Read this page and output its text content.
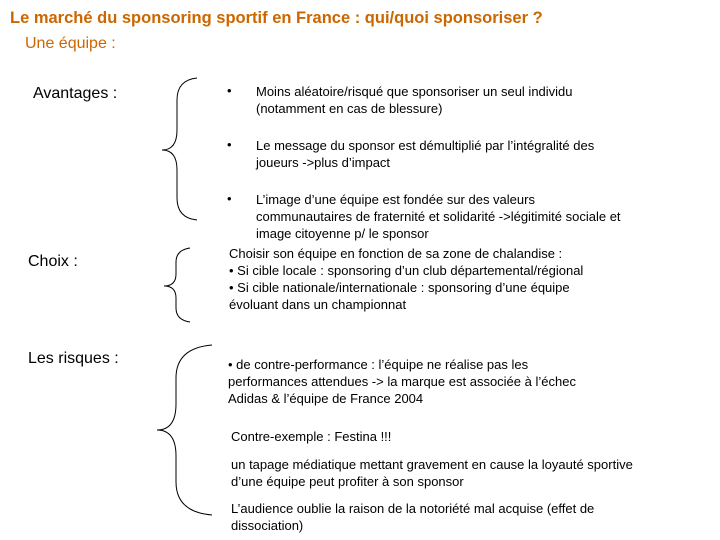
Le marché du sponsoring sportif en France : qui/quoi sponsoriser ?
Une équipe :
Avantages :	• Moins aléatoire/risqué que sponsoriser un seul individu
(notamment en cas de blessure)
• Le message du sponsor est démultiplié par l’intégralité des
joueurs ->plus d’impact
• L’image d’une équipe est fondée sur des valeurs
communautaires de fraternité et solidarité ->légitimité sociale et
image citoyenne p/ le sponsor
Choix :	Choisir son équipe en fonction de sa zone de chalandise :
• Si cible locale : sponsoring d’un club départemental/régional
• Si cible nationale/internationale : sponsoring d’une équipe
évoluant dans un championnat
Les risques :	• de contre-performance : l’équipe ne réalise pas les
performances attendues -> la marque est associée à l’échec
Adidas & l’équipe de France 2004
Contre-exemple : Festina !!!
un tapage médiatique mettant gravement en cause la loyauté sportive
d’une équipe peut profiter à son sponsor
L’audience oublie la raison de la notoriété mal acquise (effet de
dissociation)
